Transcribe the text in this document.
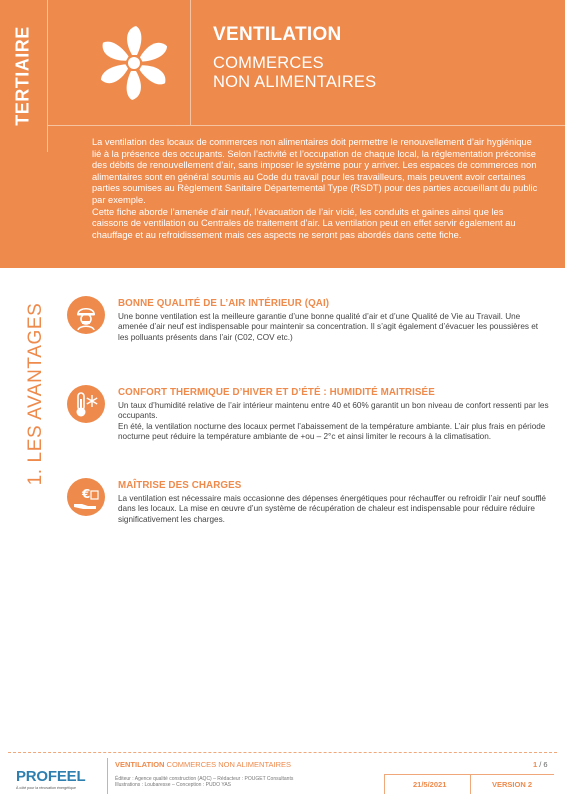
TERTIAIRE	VENTILATION
COMMERCES
NON ALIMENTAIRES

La ventilation des locaux de commerces non alimentaires doit permettre le renouvellement d’air hygiénique lié à la présence des occupants. Selon l’activité et l’occupation de chaque local, la réglementation préconise des débits de renouvellement d’air, sans imposer le système pour y arriver. Les espaces de commerces non alimentaires sont en général soumis au Code du travail pour les travailleurs, mais peuvent avoir certaines parties soumises au Règlement Sanitaire Départemental Type (RSDT) pour des parties accueillant du public par exemple.

Cette fiche aborde l’amenée d’air neuf, l’évacuation de l’air vicié, les conduits et gaines ainsi que les caissons de ventilation ou Centrales de traitement d’air. La ventilation peut en effet servir également au chauffage et au refroidissement mais ces aspects ne seront pas abordés dans cette fiche.

1. LES AVANTAGES	BONNE QUALITÉ DE L’AIR INTÉRIEUR (QAI)

Une bonne ventilation est la meilleure garantie d’une bonne qualité d’air et d’une Qualité de Vie au Travail. Une amenée d’air neuf est indispensable pour maintenir sa concentration. Il s’agit également d’évacuer les poussières et les polluants présents dans l’air (C02, COV etc.)

CONFORT THERMIQUE D’HIVER ET D’ÉTÉ : HUMIDITÉ MAITRISÉE

Un taux d’humidité relative de l’air intérieur maintenu entre 40 et 60% garantit un bon niveau de confort ressenti par les occupants.
En été, la ventilation nocturne des locaux permet l’abaissement de la température ambiante. L’air plus frais en période nocturne peut réduire la température ambiante de +ou – 2°c et ainsi limiter le recours à la climatisation.

€
MAÎTRISE DES CHARGES

La ventilation est nécessaire mais occasionne des dépenses énergétiques pour réchauffer ou refroidir l’air neuf soufflé dans les locaux. La mise en œuvre d’un système de récupération de chaleur est indispensable pour réduire réduire significativement les charges.

PROFEEL
À côté pour la rénovation énergétique
VENTILATION COMMERCES NON ALIMENTAIRES	1 / 6
Éditeur : Agence qualité construction (AQC) – Rédacteur : POUGET Consultants
Illustrations : Loubaresse – Conception : PUDO YAS	21/5/2021	VERSION 2
